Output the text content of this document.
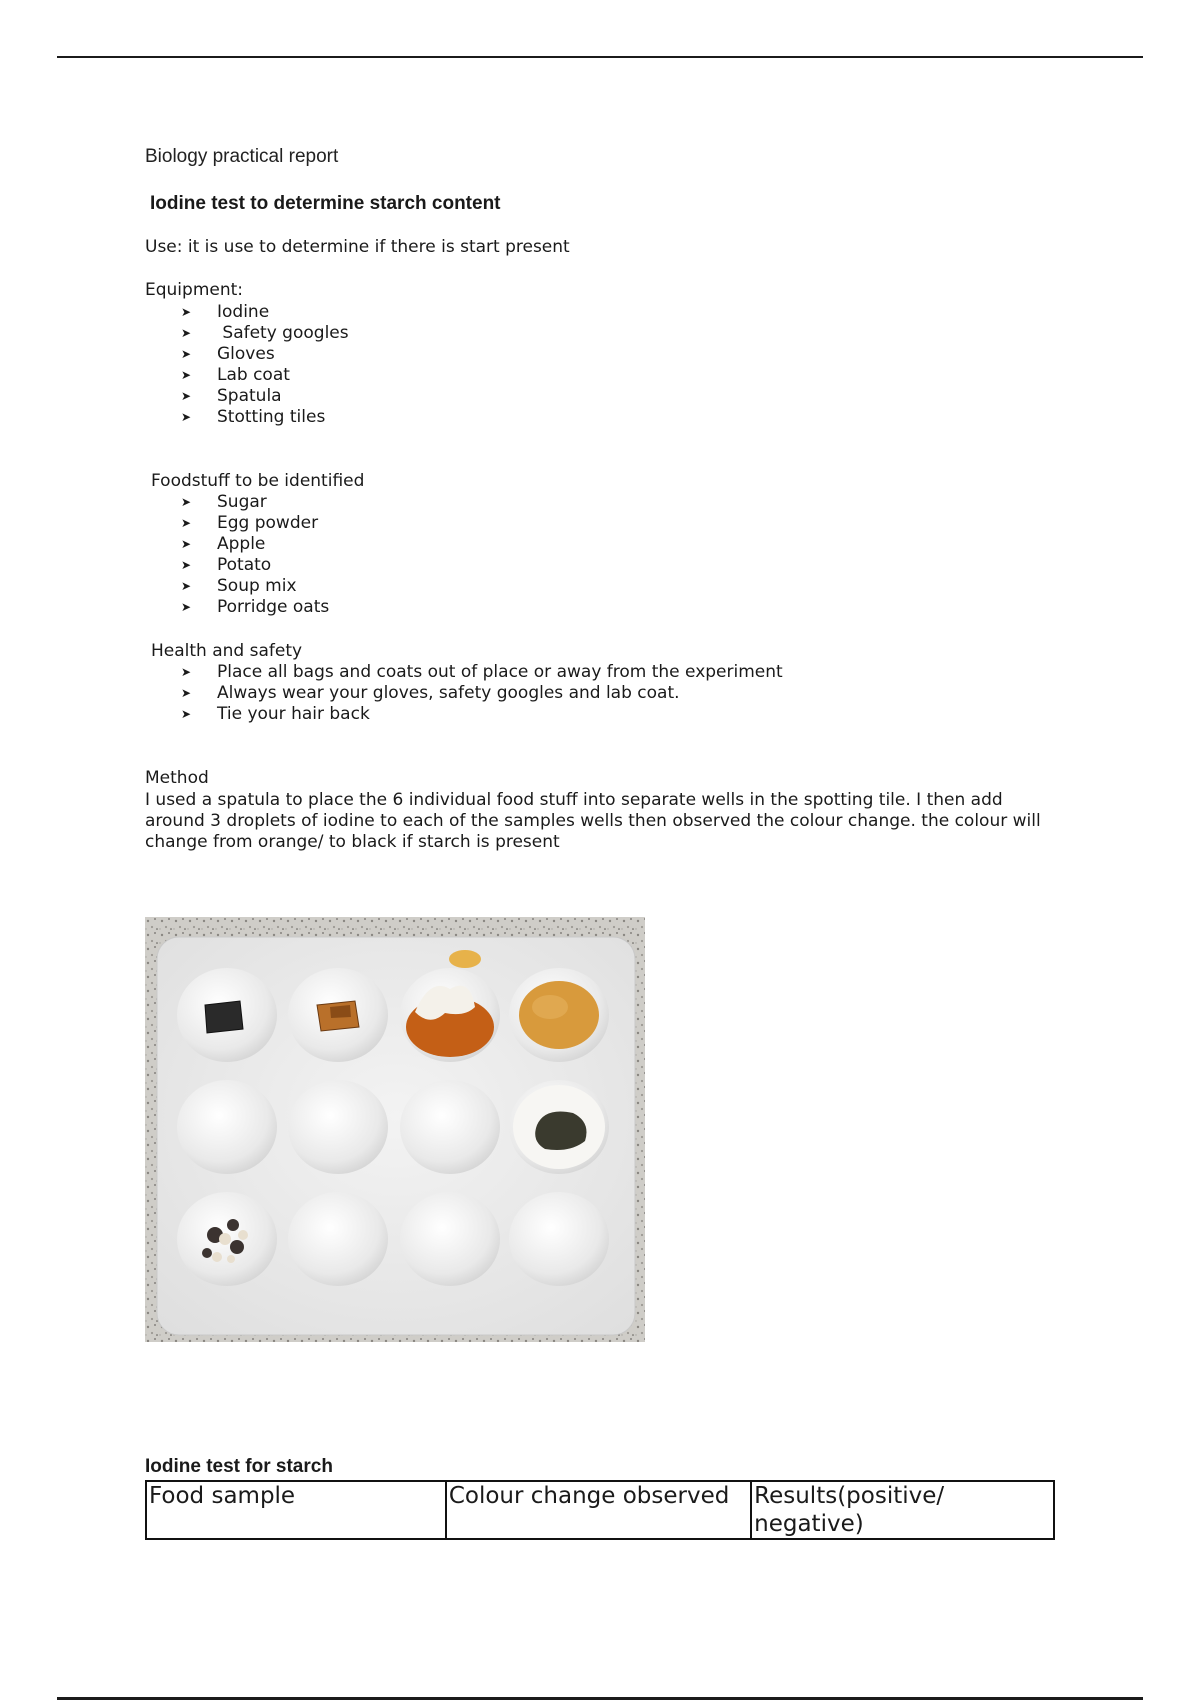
Biology practical report
Iodine test to determine starch content
Use: it is use to determine if there is start present
Equipment:
➤ Iodine
➤ Safety googles
➤ Gloves
➤ Lab coat
➤ Spatula
➤ Stotting tiles
Foodstuff to be identified
➤ Sugar
➤ Egg powder
➤ Apple
➤ Potato
➤ Soup mix
➤ Porridge oats
Health and safety
➤ Place all bags and coats out of place or away from the experiment
➤ Always wear your gloves, safety googles and lab coat.
➤ Tie your hair back
Method
I used a spatula to place the 6 individual food stuff into separate wells in the spotting tile. I then add around 3 droplets of iodine to each of the samples wells then observed the colour change. the colour will change from orange/ to black if starch is present
Iodine test for starch
Food sample	Colour change observed	Results(positive/ negative)
